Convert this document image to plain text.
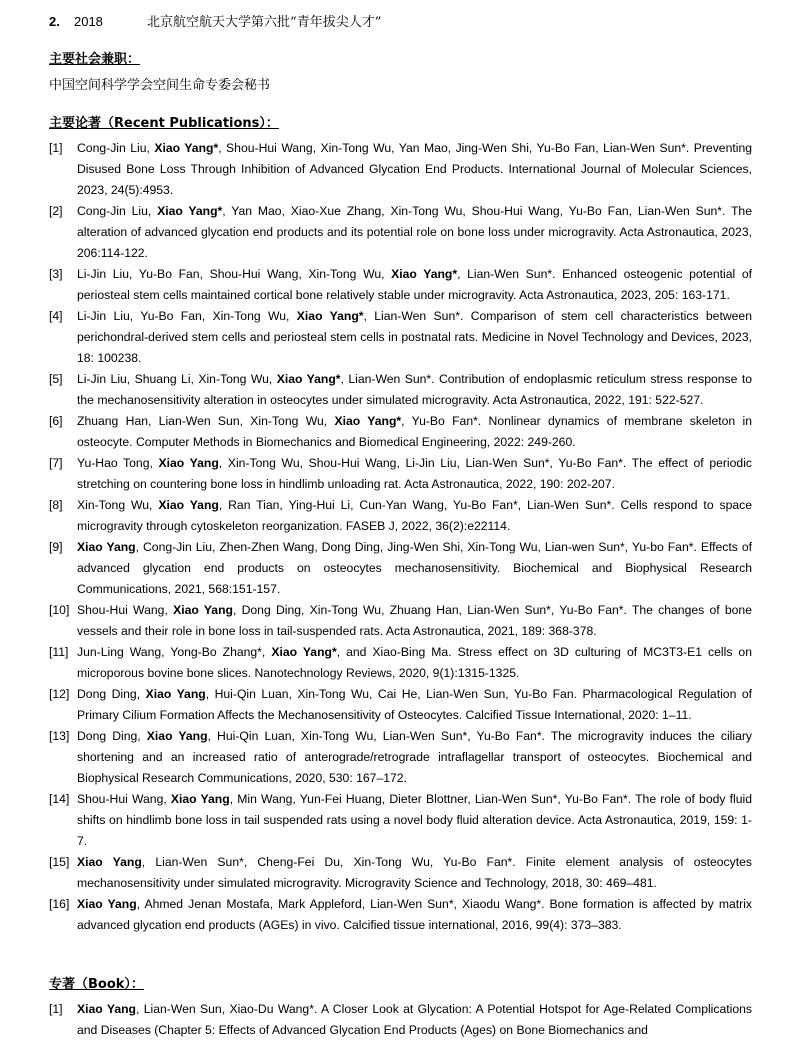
2. 2018	北京航空航天大学第六批“青年拔尖人才”
主要社会兼职：
中国空间科学学会空间生命专委会秘书
主要论著（Recent Publications）：
[1] Cong-Jin Liu, Xiao Yang*, Shou-Hui Wang, Xin-Tong Wu, Yan Mao, Jing-Wen Shi, Yu-Bo Fan, Lian-Wen Sun*. Preventing Disused Bone Loss Through Inhibition of Advanced Glycation End Products. International Journal of Molecular Sciences, 2023, 24(5):4953.
[2] Cong-Jin Liu, Xiao Yang*, Yan Mao, Xiao-Xue Zhang, Xin-Tong Wu, Shou-Hui Wang, Yu-Bo Fan, Lian-Wen Sun*. The alteration of advanced glycation end products and its potential role on bone loss under microgravity. Acta Astronautica, 2023, 206:114-122.
[3] Li-Jin Liu, Yu-Bo Fan, Shou-Hui Wang, Xin-Tong Wu, Xiao Yang*, Lian-Wen Sun*. Enhanced osteogenic potential of periosteal stem cells maintained cortical bone relatively stable under microgravity. Acta Astronautica, 2023, 205: 163-171.
[4] Li-Jin Liu, Yu-Bo Fan, Xin-Tong Wu, Xiao Yang*, Lian-Wen Sun*. Comparison of stem cell characteristics between perichondral-derived stem cells and periosteal stem cells in postnatal rats. Medicine in Novel Technology and Devices, 2023, 18: 100238.
[5] Li-Jin Liu, Shuang Li, Xin-Tong Wu, Xiao Yang*, Lian-Wen Sun*. Contribution of endoplasmic reticulum stress response to the mechanosensitivity alteration in osteocytes under simulated microgravity. Acta Astronautica, 2022, 191: 522-527.
[6] Zhuang Han, Lian-Wen Sun, Xin-Tong Wu, Xiao Yang*, Yu-Bo Fan*. Nonlinear dynamics of membrane skeleton in osteocyte. Computer Methods in Biomechanics and Biomedical Engineering, 2022: 249-260.
[7] Yu-Hao Tong, Xiao Yang, Xin-Tong Wu, Shou-Hui Wang, Li-Jin Liu, Lian-Wen Sun*, Yu-Bo Fan*. The effect of periodic stretching on countering bone loss in hindlimb unloading rat. Acta Astronautica, 2022, 190: 202-207.
[8] Xin-Tong Wu, Xiao Yang, Ran Tian, Ying-Hui Li, Cun-Yan Wang, Yu-Bo Fan*, Lian-Wen Sun*. Cells respond to space microgravity through cytoskeleton reorganization. FASEB J, 2022, 36(2):e22114.
[9] Xiao Yang, Cong-Jin Liu, Zhen-Zhen Wang, Dong Ding, Jing-Wen Shi, Xin-Tong Wu, Lian-wen Sun*, Yu-bo Fan*. Effects of advanced glycation end products on osteocytes mechanosensitivity. Biochemical and Biophysical Research Communications, 2021, 568:151-157.
[10] Shou-Hui Wang, Xiao Yang, Dong Ding, Xin-Tong Wu, Zhuang Han, Lian-Wen Sun*, Yu-Bo Fan*. The changes of bone vessels and their role in bone loss in tail-suspended rats. Acta Astronautica, 2021, 189: 368-378.
[11] Jun-Ling Wang, Yong-Bo Zhang*, Xiao Yang*, and Xiao-Bing Ma. Stress effect on 3D culturing of MC3T3-E1 cells on microporous bovine bone slices. Nanotechnology Reviews, 2020, 9(1):1315-1325.
[12] Dong Ding, Xiao Yang, Hui-Qin Luan, Xin-Tong Wu, Cai He, Lian-Wen Sun, Yu-Bo Fan. Pharmacological Regulation of Primary Cilium Formation Affects the Mechanosensitivity of Osteocytes. Calcified Tissue International, 2020: 1–11.
[13] Dong Ding, Xiao Yang, Hui-Qin Luan, Xin-Tong Wu, Lian-Wen Sun*, Yu-Bo Fan*. The microgravity induces the ciliary shortening and an increased ratio of anterograde/retrograde intraflagellar transport of osteocytes. Biochemical and Biophysical Research Communications, 2020, 530: 167–172.
[14] Shou-Hui Wang, Xiao Yang, Min Wang, Yun-Fei Huang, Dieter Blottner, Lian-Wen Sun*, Yu-Bo Fan*. The role of body fluid shifts on hindlimb bone loss in tail suspended rats using a novel body fluid alteration device. Acta Astronautica, 2019, 159: 1-7.
[15] Xiao Yang, Lian-Wen Sun*, Cheng-Fei Du, Xin-Tong Wu, Yu-Bo Fan*. Finite element analysis of osteocytes mechanosensitivity under simulated microgravity. Microgravity Science and Technology, 2018, 30: 469–481.
[16] Xiao Yang, Ahmed Jenan Mostafa, Mark Appleford, Lian-Wen Sun*, Xiaodu Wang*. Bone formation is affected by matrix advanced glycation end products (AGEs) in vivo. Calcified tissue international, 2016, 99(4): 373–383.
专著（Book）：
[1] Xiao Yang, Lian-Wen Sun, Xiao-Du Wang*. A Closer Look at Glycation: A Potential Hotspot for Age-Related Complications and Diseases (Chapter 5: Effects of Advanced Glycation End Products (Ages) on Bone Biomechanics and
